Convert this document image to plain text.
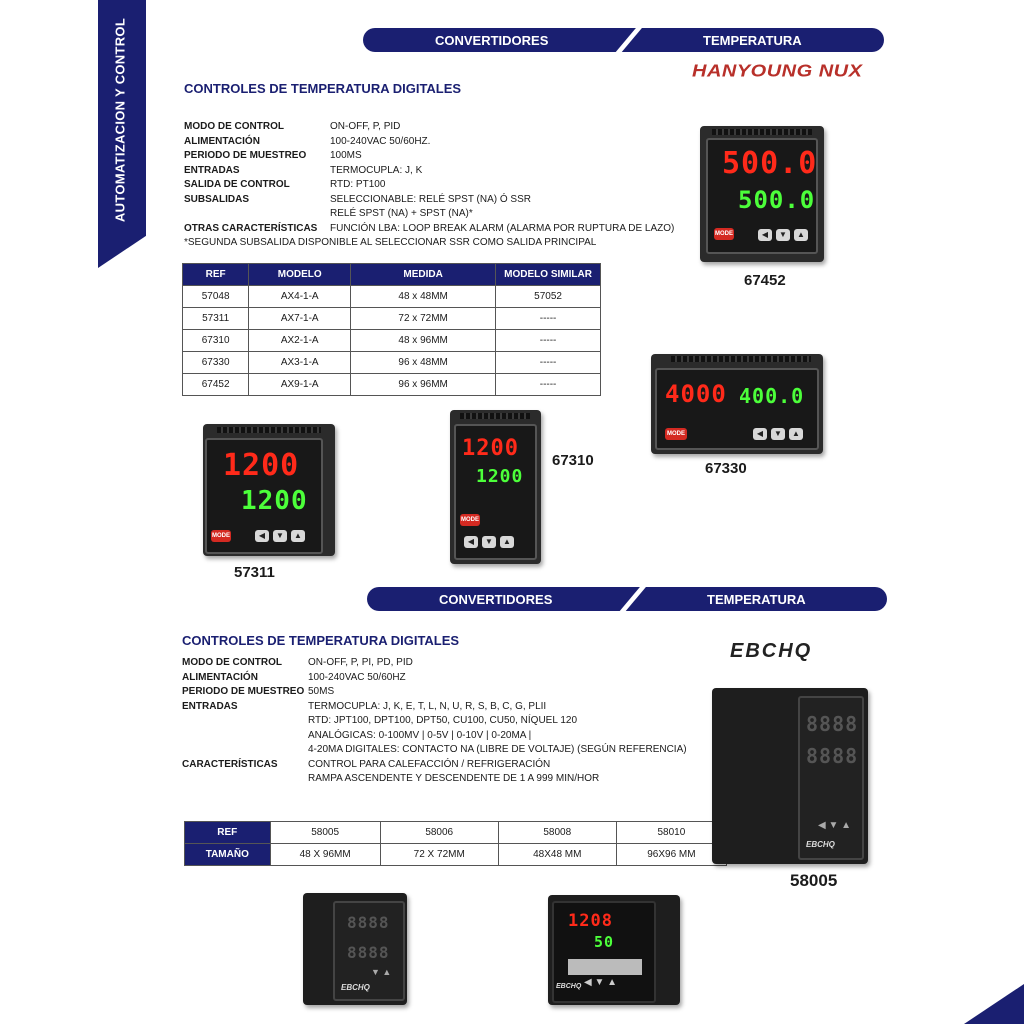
AUTOMATIZACION Y CONTROL	CONVERTIDORES	TEMPERATURA
HANYOUNG NUX
CONTROLES DE TEMPERATURA DIGITALES
MODO DE CONTROL	ON-OFF, P, PID
ALIMENTACIÓN	100-240VAC 50/60HZ.
PERIODO DE MUESTREO 100MS
ENTRADAS	TERMOCUPLA: J, K
SALIDA DE CONTROL	RTD: PT100
SUBSALIDAS	SELECCIONABLE: RELÉ SPST (NA) Ó SSR
RELÉ SPST (NA) + SPST (NA)*
OTRAS CARACTERÍSTICAS FUNCIÓN LBA: LOOP BREAK ALARM (ALARMA POR RUPTURA DE LAZO)
*SEGUNDA SUBSALIDA DISPONIBLE AL SELECCIONAR SSR COMO SALIDA PRINCIPAL
REF	MODELO	MEDIDA	MODELO SIMILAR
57048	AX4-1-A	48 x 48MM	57052
57311	AX7-1-A	72 x 72MM	-----
67310	AX2-1-A	48 x 96MM	-----
67330	AX3-1-A	96 x 48MM	-----
67452	AX9-1-A	96 x 96MM	-----
500.0
500.0
MODE	◀	▼	▲
67452
4000 400.0
MODE	◀	▼	▲
67330
1200
1200
MODE
◀	▼	▲
67310
1200
1200
MODE	◀	▼	▲
57311
CONVERTIDORES	TEMPERATURA
CONTROLES DE TEMPERATURA DIGITALES	EBCHQ
MODO DE CONTROL	ON-OFF, P, PI, PD, PID
ALIMENTACIÓN	100-240VAC 50/60HZ
PERIODO DE MUESTREO 50MS
ENTRADAS	TERMOCUPLA: J, K, E, T, L, N, U, R, S, B, C, G, PLII
RTD: JPT100, DPT100, DPT50, CU100, CU50, NÍQUEL 120
ANALÓGICAS: 0-100MV | 0-5V | 0-10V | 0-20MA |
4-20MA DIGITALES: CONTACTO NA (LIBRE DE VOLTAJE) (SEGÚN REFERENCIA)
CARACTERÍSTICAS	CONTROL PARA CALEFACCIÓN / REFRIGERACIÓN
RAMPA ASCENDENTE Y DESCENDENTE DE 1 A 999 MIN/HOR
REF	58005	58006	58008	58010
TAMAÑO	48 X 96MM	72 X 72MM	48X48 MM	96X96 MM
8888
8888
◀ ▼ ▲
EBCHQ
58005
8888
8888
▼ ▲
EBCHQ
1208
50
◀ ▼ ▲
EBCHQ
